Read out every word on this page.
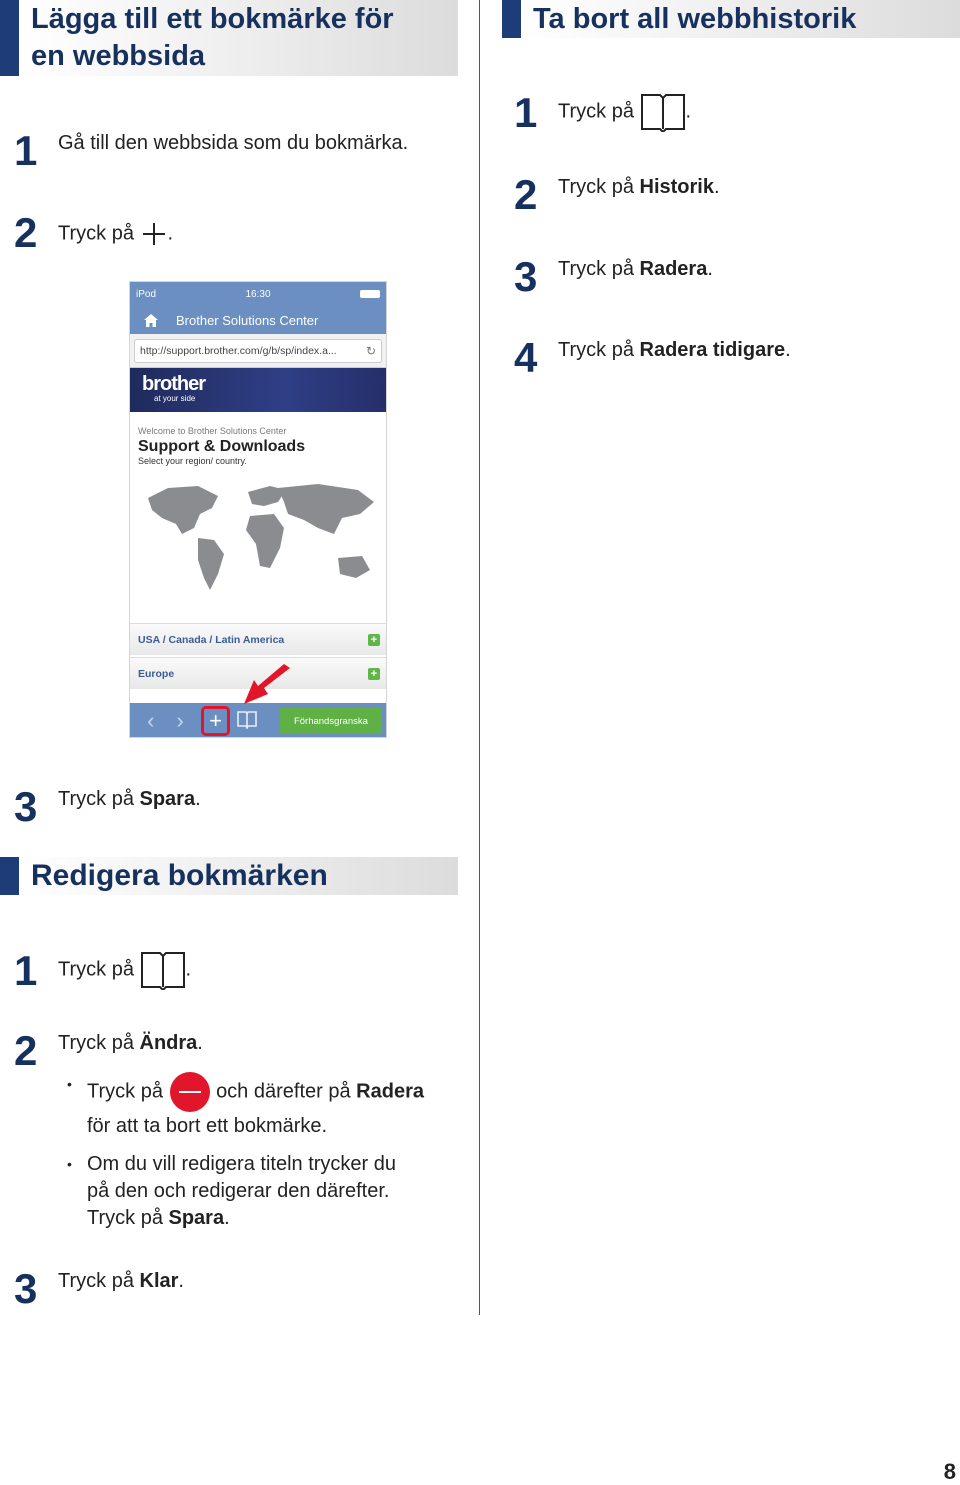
Lägga till ett bokmärke för
en webbsida
1 Gå till den webbsida som du bokmärka.
2 Tryck på .
iPod	16:30
Brother Solutions Center
http://support.brother.com/g/b/sp/index.a... ↻
brother
at your side
Welcome to Brother Solutions Center
Support & Downloads
Select your region/ country.
USA / Canada / Latin America	+
Europe	+
‹	›	+	Förhandsgranska
3 Tryck på Spara.
Redigera bokmärken
1 Tryck på	.
2 Tryck på Ändra.
• Tryck på	och därefter på Radera
för att ta bort ett bokmärke.
• Om du vill redigera titeln trycker du
på den och redigerar den därefter.
Tryck på Spara.
3 Tryck på Klar.
Ta bort all webbhistorik
1 Tryck på	.
2 Tryck på Historik.
3 Tryck på Radera.
4 Tryck på Radera tidigare.
8
